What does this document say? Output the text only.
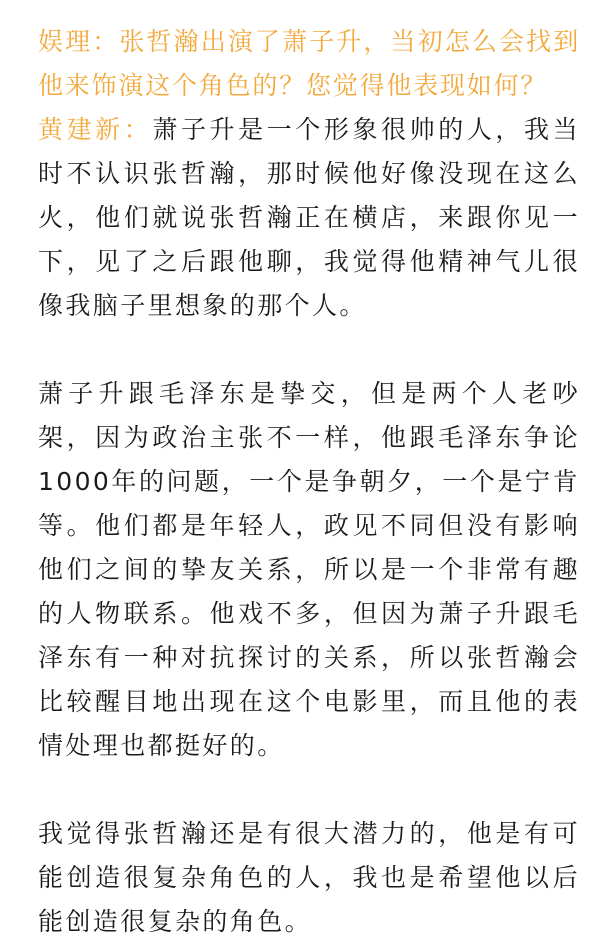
娱理：张哲瀚出演了萧子升，当初怎么会找到他来饰演这个角色的？您觉得他表现如何？

黄建新：萧子升是一个形象很帅的人，我当时不认识张哲瀚，那时候他好像没现在这么火，他们就说张哲瀚正在横店，来跟你见一下，见了之后跟他聊，我觉得他精神气儿很像我脑子里想象的那个人。

萧子升跟毛泽东是挚交，但是两个人老吵架，因为政治主张不一样，他跟毛泽东争论1000年的问题，一个是争朝夕，一个是宁肯等。他们都是年轻人，政见不同但没有影响他们之间的挚友关系，所以是一个非常有趣的人物联系。他戏不多，但因为萧子升跟毛泽东有一种对抗探讨的关系，所以张哲瀚会比较醒目地出现在这个电影里，而且他的表情处理也都挺好的。

我觉得张哲瀚还是有很大潜力的，他是有可能创造很复杂角色的人，我也是希望他以后能创造很复杂的角色。
